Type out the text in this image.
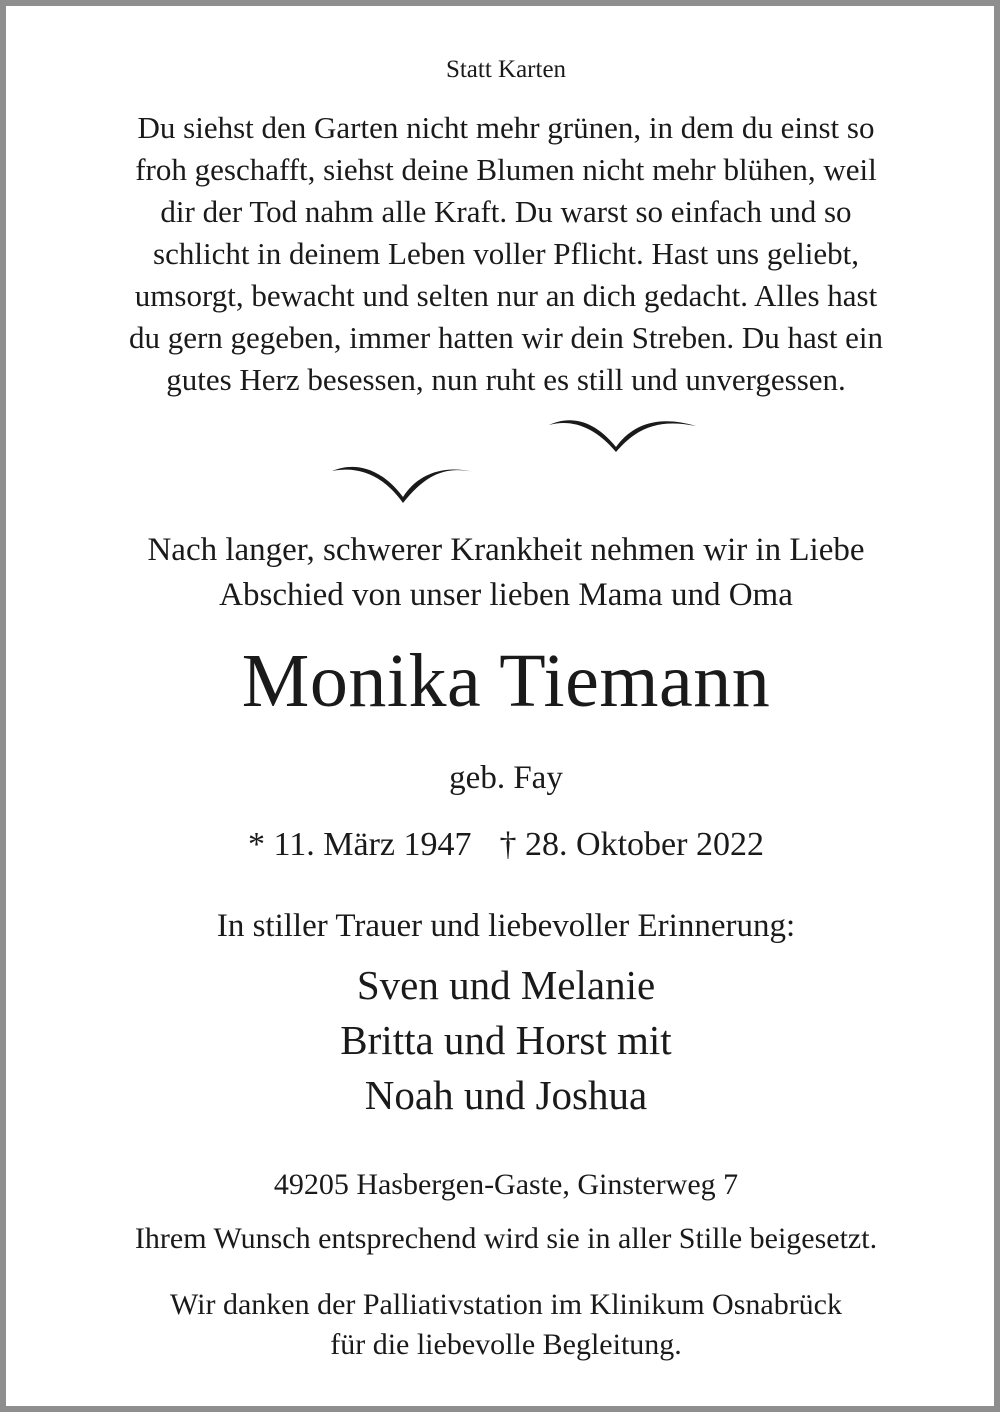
Statt Karten
Du siehst den Garten nicht mehr grünen, in dem du einst so
froh geschafft, siehst deine Blumen nicht mehr blühen, weil
dir der Tod nahm alle Kraft. Du warst so einfach und so
schlicht in deinem Leben voller Pflicht. Hast uns geliebt,
umsorgt, bewacht und selten nur an dich gedacht. Alles hast
du gern gegeben, immer hatten wir dein Streben. Du hast ein
gutes Herz besessen, nun ruht es still und unvergessen.
Nach langer, schwerer Krankheit nehmen wir in Liebe
Abschied von unser lieben Mama und Oma
Monika Tiemann
geb. Fay
* 11. März 1947 † 28. Oktober 2022
In stiller Trauer und liebevoller Erinnerung:
Sven und Melanie
Britta und Horst mit
Noah und Joshua
49205 Hasbergen-Gaste, Ginsterweg 7
Ihrem Wunsch entsprechend wird sie in aller Stille beigesetzt.
Wir danken der Palliativstation im Klinikum Osnabrück
für die liebevolle Begleitung.
